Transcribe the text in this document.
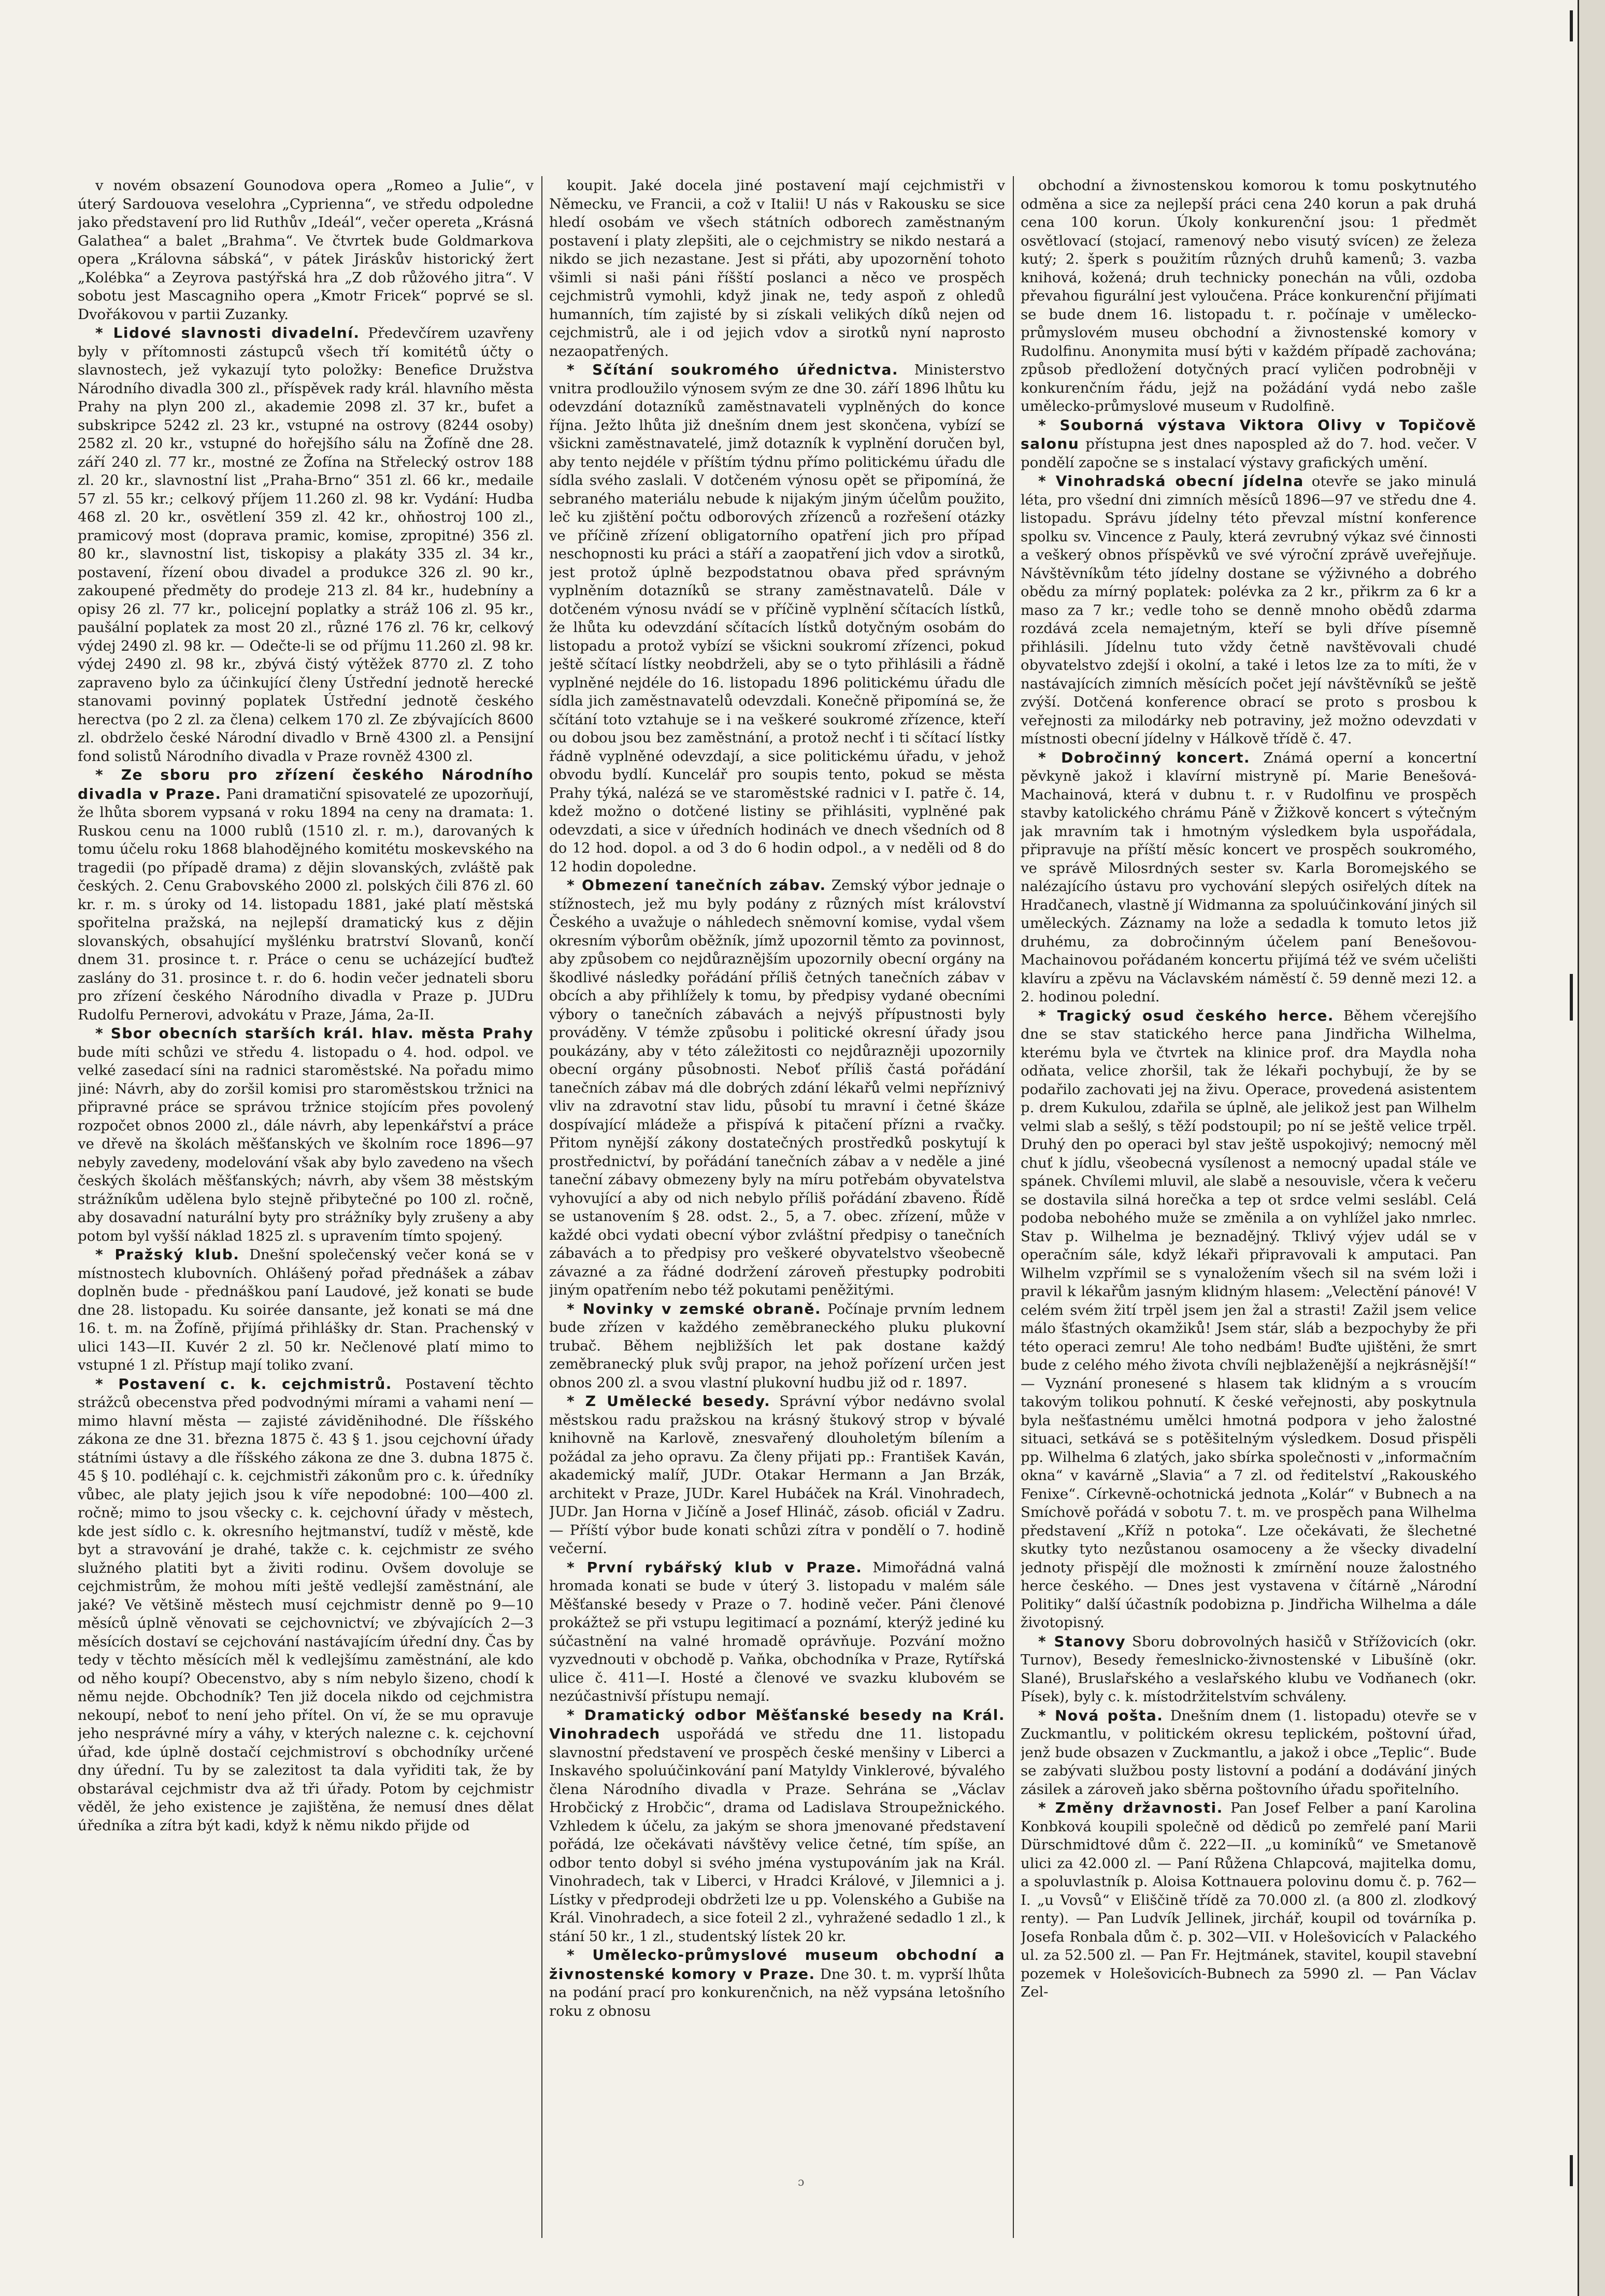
v novém obsazení Gounodova opera „Romeo a Julie“, v úterý Sardouova veselohra „Cyprienna“, ve středu odpoledne jako představení pro lid Ruthův „Ideál“, večer opereta „Krásná Galathea“ a balet „Brahma“. Ve čtvrtek bude Goldmarkova opera „Královna sábská“, v pátek Jiráskův historický žert „Kolébka“ a Zeyrova pastýřská hra „Z dob růžového jitra“. V sobotu jest Mascagniho opera „Kmotr Fricek“ poprvé se sl. Dvořákovou v partii Zuzanky.

* Lidové slavnosti divadelní. Předevčírem uzavřeny byly v přítomnosti zástupců všech tří komitétů účty o slavnostech, jež vykazují tyto položky: Benefice Družstva Národního divadla 300 zl., příspěvek rady král. hlavního města Prahy na plyn 200 zl., akademie 2098 zl. 37 kr., bufet a subskripce 5242 zl. 23 kr., vstupné na ostrovy (8244 osoby) 2582 zl. 20 kr., vstupné do hořejšího sálu na Žofíně dne 28. září 240 zl. 77 kr., mostné ze Žofína na Střelecký ostrov 188 zl. 20 kr., slavnostní list „Praha-Brno“ 351 zl. 66 kr., medaile 57 zl. 55 kr.; celkový příjem 11.260 zl. 98 kr. Vydání: Hudba 468 zl. 20 kr., osvětlení 359 zl. 42 kr., ohňostroj 100 zl., pramicový most (doprava pramic, komise, zpropitné) 356 zl. 80 kr., slavnostní list, tiskopisy a plakáty 335 zl. 34 kr., postavení, řízení obou divadel a produkce 326 zl. 90 kr., zakoupené předměty do prodeje 213 zl. 84 kr., hudebníny a opisy 26 zl. 77 kr., policejní poplatky a stráž 106 zl. 95 kr., paušální poplatek za most 20 zl., různé 176 zl. 76 kr, celkový výdej 2490 zl. 98 kr. — Odečte-li se od příjmu 11.260 zl. 98 kr. výdej 2490 zl. 98 kr., zbývá čistý výtěžek 8770 zl. Z toho zapraveno bylo za účinkující členy Ústřední jednotě herecké stanovami povinný poplatek Ústřední jednotě českého herectva (po 2 zl. za člena) celkem 170 zl. Ze zbývajících 8600 zl. obdrželo české Národní divadlo v Brně 4300 zl. a Pensijní fond solistů Národního divadla v Praze rovněž 4300 zl.

* Ze sboru pro zřízení českého Národního divadla v Praze. Pani dramatiční spisovatelé ze upozorňují, že lhůta sborem vypsaná v roku 1894 na ceny na dramata: 1. Ruskou cenu na 1000 rublů (1510 zl. r. m.), darovaných k tomu účelu roku 1868 blahodějného komitétu moskevského na tragedii (po případě drama) z dějin slovanských, zvláště pak českých. 2. Cenu Grabovského 2000 zl. polských čili 876 zl. 60 kr. r. m. s úroky od 14. listopadu 1881, jaké platí městská spořitelna pražská, na nejlepší dramatický kus z dějin slovanských, obsahující myšlénku bratrství Slovanů, končí dnem 31. prosince t. r. Práce o cenu se ucházející buďtež zaslány do 31. prosince t. r. do 6. hodin večer jednateli sboru pro zřízení českého Národního divadla v Praze p. JUDru Rudolfu Pernerovi, advokátu v Praze, Jáma, 2a-II.

* Sbor obecních starších král. hlav. města Prahy bude míti schůzi ve středu 4. listopadu o 4. hod. odpol. ve velké zasedací síni na radnici staroměstské. Na pořadu mimo jiné: Návrh, aby do zoršil komisi pro staroměstskou tržnici na připravné práce se správou tržnice stojícím přes povolený rozpočet obnos 2000 zl., dále návrh, aby lepenkářství a práce ve dřevě na školách měšťanských ve školním roce 1896—97 nebyly zavedeny, modelování však aby bylo zavedeno na všech českých školách měšťanských; návrh, aby všem 38 městským strážníkům udělena bylo stejně přibytečné po 100 zl. ročně, aby dosavadní naturální byty pro strážníky byly zrušeny a aby potom byl vyšší náklad 1825 zl. s upravením tímto spojený.

* Pražský klub. Dnešní společenský večer koná se v místnostech klubovních. Ohlášený pořad přednášek a zábav doplněn bude - přednáškou paní Laudové, jež konati se bude dne 28. listopadu. Ku soirée dansante, jež konati se má dne 16. t. m. na Žofíně, přijímá přihlášky dr. Stan. Prachenský v ulici 143—II. Kuvér 2 zl. 50 kr. Nečlenové platí mimo to vstupné 1 zl. Přístup mají toliko zvaní.

* Postavení c. k. cejchmistrů. Postavení těchto strážců obecenstva před podvodnými mírami a vahami není — mimo hlavní města — zajisté záviděnihodné. Dle říšského zákona ze dne 31. března 1875 č. 43 § 1. jsou cejchovní úřady státními ústavy a dle říšského zákona ze dne 3. dubna 1875 č. 45 § 10. podléhají c. k. cejchmistři zákonům pro c. k. úředníky vůbec, ale platy jejich jsou k víře nepodobné: 100—400 zl. ročně; mimo to jsou všecky c. k. cejchovní úřady v městech, kde jest sídlo c. k. okresního hejtmanství, tudíž v městě, kde byt a stravování je drahé, takže c. k. cejchmistr ze svého služného platiti byt a živiti rodinu. Ovšem dovoluje se cejchmistrům, že mohou míti ještě vedlejší zaměstnání, ale jaké? Ve většině městech musí cejchmistr denně po 9—10 měsíců úplně věnovati se cejchovnictví; ve zbývajících 2—3 měsících dostaví se cejchování nastávajícím úřední dny. Čas by tedy v těchto měsících měl k vedlejšímu zaměstnání, ale kdo od něho koupí? Obecenstvo, aby s ním nebylo šizeno, chodí k němu nejde. Obchodník? Ten již docela nikdo od cejchmistra nekoupí, neboť to není jeho přítel. On ví, že se mu opravuje jeho nesprávné míry a váhy, v kterých nalezne c. k. cejchovní úřad, kde úplně dostačí cejchmistroví s obchodníky určené dny úřední. Tu by se zalezitost ta dala vyřiditi tak, že by obstarával cejchmistr dva až tři úřady. Potom by cejchmistr věděl, že jeho existence je zajištěna, že nemusí dnes dělat úředníka a zítra být kadi, když k němu nikdo přijde od

koupit. Jaké docela jiné postavení mají cejchmistři v Německu, ve Francii, a což v Italii! U nás v Rakousku se sice hledí osobám ve všech státních odborech zaměstnaným postavení i platy zlepšiti, ale o cejchmistry se nikdo nestará a nikdo se jich nezastane. Jest si přáti, aby upozornění tohoto všimli si naši páni říšští poslanci a něco ve prospěch cejchmistrů vymohli, když jinak ne, tedy aspoň z ohledů humanních, tím zajisté by si získali velikých díků nejen od cejchmistrů, ale i od jejich vdov a sirotků nyní naprosto nezaopatřených.

* Sčítání soukromého úřednictva. Ministerstvo vnitra prodloužilo výnosem svým ze dne 30. září 1896 lhůtu ku odevzdání dotazníků zaměstnavateli vyplněných do konce října. Ježto lhůta již dnešním dnem jest skončena, vybízí se všickni zaměstnavatelé, jimž dotazník k vyplnění doručen byl, aby tento nejdéle v příštím týdnu přímo politickému úřadu dle sídla svého zaslali. V dotčeném výnosu opět se připomíná, že sebraného materiálu nebude k nijakým jiným účelům použito, leč ku zjištění počtu odborových zřízenců a rozřešení otázky ve příčině zřízení obligatorního opatření jich pro případ neschopnosti ku práci a stáří a zaopatření jich vdov a sirotků, jest protož úplně bezpodstatnou obava před správným vyplněním dotazníků se strany zaměstnavatelů. Dále v dotčeném výnosu nvádí se v příčině vyplnění sčítacích lístků, že lhůta ku odevzdání sčítacích lístků dotyčným osobám do listopadu a protož vybízí se všickni soukromí zřízenci, pokud ještě sčítací lístky neobdrželi, aby se o tyto přihlásili a řádně vyplněné nejdéle do 16. listopadu 1896 politickému úřadu dle sídla jich zaměstnavatelů odevzdali. Konečně připomíná se, že sčítání toto vztahuje se i na veškeré soukromé zřízence, kteří ou dobou jsou bez zaměstnání, a protož nechť i ti sčítací lístky řádně vyplněné odevzdají, a sice politickému úřadu, v jehož obvodu bydlí. Kuncelář pro soupis tento, pokud se města Prahy týká, nalézá se ve staroměstské radnici v I. patře č. 14, kdež možno o dotčené listiny se přihlásiti, vyplněné pak odevzdati, a sice v úředních hodinách ve dnech všedních od 8 do 12 hod. dopol. a od 3 do 6 hodin odpol., a v neděli od 8 do 12 hodin dopoledne.

* Obmezení tanečních zábav. Zemský výbor jednaje o stížnostech, jež mu byly podány z různých míst království Českého a uvažuje o náhledech sněmovní komise, vydal všem okresním výborům oběžník, jímž upozornil těmto za povinnost, aby způsobem co nejdůraznějším upozornily obecní orgány na škodlivé následky pořádání příliš četných tanečních zábav v obcích a aby přihlížely k tomu, by předpisy vydané obecními výbory o tanečních zábavách a nejvýš přípustnosti byly prováděny. V témže způsobu i politické okresní úřady jsou poukázány, aby v této záležitosti co nejdůrazněji upozornily obecní orgány působnosti. Neboť příliš častá pořádání tanečních zábav má dle dobrých zdání lékařů velmi nepříznivý vliv na zdravotní stav lidu, působí tu mravní i četné škáze dospívající mládeže a přispívá k pitačení přízni a rvačky. Přitom nynější zákony dostatečných prostředků poskytují k prostřednictví, by pořádání tanečních zábav a v neděle a jiné taneční zábavy obmezeny byly na míru potřebám obyvatelstva vyhovující a aby od nich nebylo příliš pořádání zbaveno. Řídě se ustanovením § 28. odst. 2., 5, a 7. obec. zřízení, může v každé obci vydati obecní výbor zvláštní předpisy o tanečních zábavách a to předpisy pro veškeré obyvatelstvo všeobecně závazné a za řádné dodržení zároveň přestupky podrobiti jiným opatřením nebo též pokutami peněžitými.

* Novinky v zemské obraně. Počínaje prvním lednem bude zřízen v každého zeměbraneckého pluku plukovní trubač. Během nejbližších let pak dostane každý zeměbranecký pluk svůj prapor, na jehož pořízení určen jest obnos 200 zl. a svou vlastní plukovní hudbu již od r. 1897.

* Z Umělecké besedy. Správní výbor nedávno svolal městskou radu pražskou na krásný štukový strop v bývalé knihovně na Karlově, znesvařený dlouholetým bílením a požádal za jeho opravu. Za členy přijati pp.: František Kaván, akademický malíř, JUDr. Otakar Hermann a Jan Brzák, architekt v Praze, JUDr. Karel Hubáček na Král. Vinohradech, JUDr. Jan Horna v Jičíně a Josef Hlináč, zásob. oficiál v Zadru. — Příští výbor bude konati schůzi zítra v pondělí o 7. hodině večerní.

* První rybářský klub v Praze. Mimořádná valná hromada konati se bude v úterý 3. listopadu v malém sále Měšťanské besedy v Praze o 7. hodině večer. Páni členové prokážtež se při vstupu legitimací a poznámí, kterýž jediné ku súčastnění na valné hromadě oprávňuje. Pozvání možno vyzvednouti v obchodě p. Vaňka, obchodníka v Praze, Rytířská ulice č. 411—I. Hosté a členové ve svazku klubovém se nezúčastnivší přístupu nemají.

* Dramatický odbor Měšťanské besedy na Král. Vinohradech uspořádá ve středu dne 11. listopadu slavnostní představení ve prospěch české menšiny v Liberci a Inskavého spoluúčinkování paní Matyldy Vinklerové, bývalého člena Národního divadla v Praze. Sehrána se „Václav Hrobčický z Hrobčic“, drama od Ladislava Stroupežnického. Vzhledem k účelu, za jakým se shora jmenované představení pořádá, lze očekávati návštěvy velice četné, tím spíše, an odbor tento dobyl si svého jména vystupováním jak na Král. Vinohradech, tak v Liberci, v Hradci Králové, v Jilemnici a j. Lístky v předprodeji obdržeti lze u pp. Volenského a Gubiše na Král. Vinohradech, a sice foteil 2 zl., vyhražené sedadlo 1 zl., k stání 50 kr., 1 zl., studentský lístek 20 kr.

* Umělecko-průmyslové museum obchodní a živnostenské komory v Praze. Dne 30. t. m. vyprší lhůta na podání prací pro konkurenčnich, na něž vypsána letošního roku z obnosu

obchodní a živnostenskou komorou k tomu poskytnutého odměna a sice za nejlepší práci cena 240 korun a pak druhá cena 100 korun. Úkoly konkurenční jsou: 1 předmět osvětlovací (stojací, ramenový nebo visutý svícen) ze železa kutý; 2. šperk s použitím různých druhů kamenů; 3. vazba knihová, kožená; druh technicky ponechán na vůli, ozdoba převahou figurální jest vyloučena. Práce konkurenční přijímati se bude dnem 16. listopadu t. r. počínaje v umělecko-průmyslovém museu obchodní a živnostenské komory v Rudolfinu. Anonymita musí býti v každém případě zachována; způsob předložení dotyčných prací vyličen podrobněji v konkurenčním řádu, jejž na požádání vydá nebo zašle umělecko-průmyslové museum v Rudolfině.

* Souborná výstava Viktora Olivy v Topičově salonu přístupna jest dnes napospled až do 7. hod. večer. V pondělí započne se s instalací výstavy grafických umění.

* Vinohradská obecní jídelna otevře se jako minulá léta, pro všední dni zimních měsíců 1896—97 ve středu dne 4. listopadu. Správu jídelny této převzal místní konference spolku sv. Vincence z Pauly, která zevrubný výkaz své činnosti a veškerý obnos příspěvků ve své výroční zprávě uveřejňuje. Návštěvníkům této jídelny dostane se výživného a dobrého obědu za mírný poplatek: polévka za 2 kr., přikrm za 6 kr a maso za 7 kr.; vedle toho se denně mnoho obědů zdarma rozdává zcela nemajetným, kteří se byli dříve písemně přihlásili. Jídelnu tuto vždy četně navštěvovali chudé obyvatelstvo zdejší i okolní, a také i letos lze za to míti, že v nastávajících zimních měsících počet její návštěvníků se ještě zvýší. Dotčená konference obrací se proto s prosbou k veřejnosti za milodárky neb potraviny, jež možno odevzdati v místnosti obecní jídelny v Hálkově třídě č. 47.

* Dobročinný koncert. Známá operní a koncertní pěvkyně jakož i klavírní mistryně pí. Marie Benešová-Machainová, která v dubnu t. r. v Rudolfinu ve prospěch stavby katolického chrámu Páně v Žižkově koncert s výtečným jak mravním tak i hmotným výsledkem byla uspořádala, připravuje na příští měsíc koncert ve prospěch soukromého, ve správě Milosrdných sester sv. Karla Boromejského se nalézajícího ústavu pro vychování slepých osiřelých dítek na Hradčanech, vlastně jí Widmanna za spoluúčinkování jiných sil uměleckých. Záznamy na lože a sedadla k tomuto letos již druhému, za dobročinným účelem paní Benešovou-Machainovou pořádaném koncertu přijímá též ve svém učelišti klavíru a zpěvu na Václavském náměstí č. 59 denně mezi 12. a 2. hodinou polední.

* Tragický osud českého herce. Během včerejšího dne se stav statického herce pana Jindřicha Wilhelma, kterému byla ve čtvrtek na klinice prof. dra Maydla noha odňata, velice zhoršil, tak že lékaři pochybují, že by se podařilo zachovati jej na živu. Operace, provedená asistentem p. drem Kukulou, zdařila se úplně, ale jelikož jest pan Wilhelm velmi slab a sešlý, s těží podstoupil; po ní se ještě velice trpěl. Druhý den po operaci byl stav ještě uspokojivý; nemocný měl chuť k jídlu, všeobecná vysílenost a nemocný upadal stále ve spánek. Chvílemi mluvil, ale slabě a nesouvisle, včera k večeru se dostavila silná horečka a tep ot srdce velmi seslábl. Celá podoba nebohého muže se změnila a on vyhlížel jako nmrlec. Stav p. Wilhelma je beznadějný. Tklivý výjev udál se v operačním sále, když lékaři připravovali k amputaci. Pan Wilhelm vzpřímil se s vynaložením všech sil na svém loži i pravil k lékařům jasným klidným hlasem: „Velectění pánové! V celém svém žití trpěl jsem jen žal a strasti! Zažil jsem velice málo šťastných okamžiků! Jsem stár, sláb a bezpochyby že při této operaci zemru! Ale toho nedbám! Buďte ujištěni, že smrt bude z celého mého života chvíli nejblaženější a nejkrásnější!“ — Vyznání pronesené s hlasem tak klidným a s vroucím takovým tolikou pohnutí. K české veřejnosti, aby poskytnula byla nešťastnému umělci hmotná podpora v jeho žalostné situaci, setkává se s potěšitelným výsledkem. Dosud přispěli pp. Wilhelma 6 zlatých, jako sbírka společnosti v „informačním okna“ v kavárně „Slavia“ a 7 zl. od ředitelství „Rakouského Fenixe“. Církevně-ochotnická jednota „Kolár“ v Bubnech a na Smíchově pořádá v sobotu 7. t. m. ve prospěch pana Wilhelma představení „Kříž n potoka“. Lze očekávati, že šlechetné skutky tyto nezůstanou osamoceny a že všecky divadelní jednoty přispějí dle možnosti k zmírnění nouze žalostného herce českého. — Dnes jest vystavena v čítárně „Národní Politiky“ další účastník podobizna p. Jindřicha Wilhelma a dále životopisný.

* Stanovy Sboru dobrovolných hasičů v Střížovicích (okr. Turnov), Besedy řemeslnicko-živnostenské v Libušíně (okr. Slané), Bruslařského a veslařského klubu ve Vodňanech (okr. Písek), byly c. k. místodržitelstvím schváleny.

* Nová pošta. Dnešním dnem (1. listopadu) otevře se v Zuckmantlu, v politickém okresu teplickém, poštovní úřad, jenž bude obsazen v Zuckmantlu, a jakož i obce „Teplic“. Bude se zabývati službou posty listovní a podání a dodávání jiných zásilek a zároveň jako sběrna poštovního úřadu spořitelního.

* Změny državnosti. Pan Josef Felber a paní Karolina Konbková koupili společně od dědiců po zemřelé paní Marii Dürschmidtové dům č. 222—II. „u kominíků“ ve Smetanově ulici za 42.000 zl. — Paní Růžena Chlapcová, majitelka domu, a spoluvlastník p. Aloisa Kottnauera polovinu domu č. p. 762—I. „u Vovsů“ v Eliščině třídě za 70.000 zl. (a 800 zl. zlodkový renty). — Pan Ludvík Jellinek, jirchář, koupil od továrníka p. Josefa Ronbala dům č. p. 302—VII. v Holešovicích v Palackého ul. za 52.500 zl. — Pan Fr. Hejtmánek, stavitel, koupil stavební pozemek v Holešovicích-Bubnech za 5990 zl. — Pan Václav Zel-

ɔ
